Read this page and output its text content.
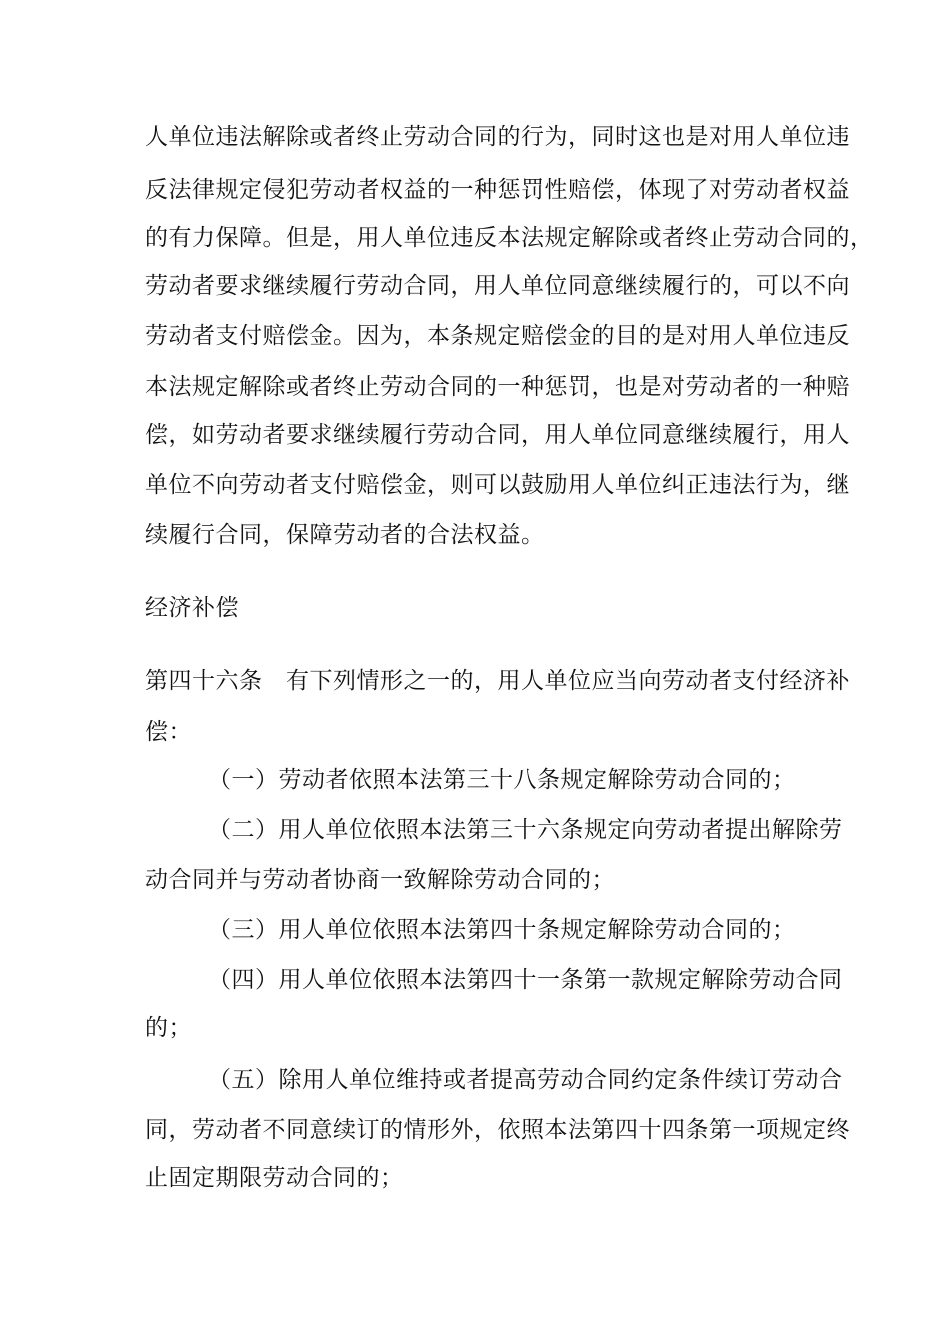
人单位违法解除或者终止劳动合同的行为，同时这也是对用人单位违
反法律规定侵犯劳动者权益的一种惩罚性赔偿，体现了对劳动者权益
的有力保障。但是，用人单位违反本法规定解除或者终止劳动合同的，
劳动者要求继续履行劳动合同，用人单位同意继续履行的，可以不向
劳动者支付赔偿金。因为，本条规定赔偿金的目的是对用人单位违反
本法规定解除或者终止劳动合同的一种惩罚，也是对劳动者的一种赔
偿，如劳动者要求继续履行劳动合同，用人单位同意继续履行，用人
单位不向劳动者支付赔偿金，则可以鼓励用人单位纠正违法行为，继
续履行合同，保障劳动者的合法权益。
经济补偿
第四十六条　有下列情形之一的，用人单位应当向劳动者支付经济补
偿：
（一）劳动者依照本法第三十八条规定解除劳动合同的；
（二）用人单位依照本法第三十六条规定向劳动者提出解除劳
动合同并与劳动者协商一致解除劳动合同的；
（三）用人单位依照本法第四十条规定解除劳动合同的；
（四）用人单位依照本法第四十一条第一款规定解除劳动合同
的；
（五）除用人单位维持或者提高劳动合同约定条件续订劳动合
同，劳动者不同意续订的情形外，依照本法第四十四条第一项规定终
止固定期限劳动合同的；
